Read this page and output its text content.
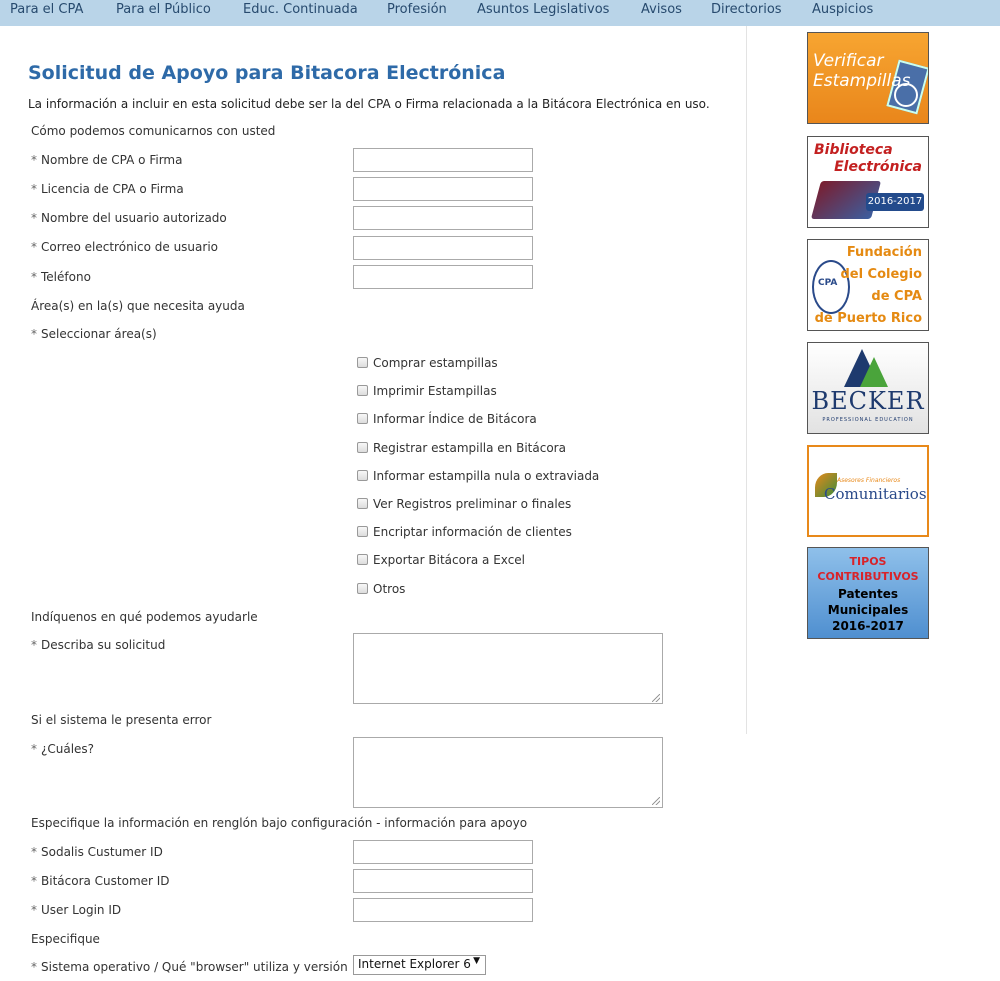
Para el CPA	Para el Público Educ. Continuada Profesión Asuntos Legislativos Avisos Directorios Auspicios
Solicitud de Apoyo para Bitacora Electrónica
La información a incluir en esta solicitud debe ser la del CPA o Firma relacionada a la Bitácora Electrónica en uso.
Cómo podemos comunicarnos con usted
* Nombre de CPA o Firma
* Licencia de CPA o Firma
* Nombre del usuario autorizado
* Correo electrónico de usuario
* Teléfono
Área(s) en la(s) que necesita ayuda
* Seleccionar área(s)
Comprar estampillas
Imprimir Estampillas
Informar Índice de Bitácora
Registrar estampilla en Bitácora
Informar estampilla nula o extraviada
Ver Registros preliminar o finales
Encriptar información de clientes
Exportar Bitácora a Excel
Otros
Indíquenos en qué podemos ayudarle
* Describa su solicitud
Si el sistema le presenta error
* ¿Cuáles?
Especifique la información en renglón bajo configuración - información para apoyo
* Sodalis Custumer ID
* Bitácora Customer ID
* User Login ID
Especifique
* Sistema operativo / Qué "browser" utiliza y versión Internet Explorer 6 ▼
Verificar
Estampillas
Biblioteca
Electrónica
2016-2017
CPA
Fundación
del Colegio
de CPA
de Puerto Rico
BECKER
PROFESSIONAL EDUCATION
Asesores Financieros
Comunitarios
TIPOS
CONTRIBUTIVOS
Patentes
Municipales
2016-2017
